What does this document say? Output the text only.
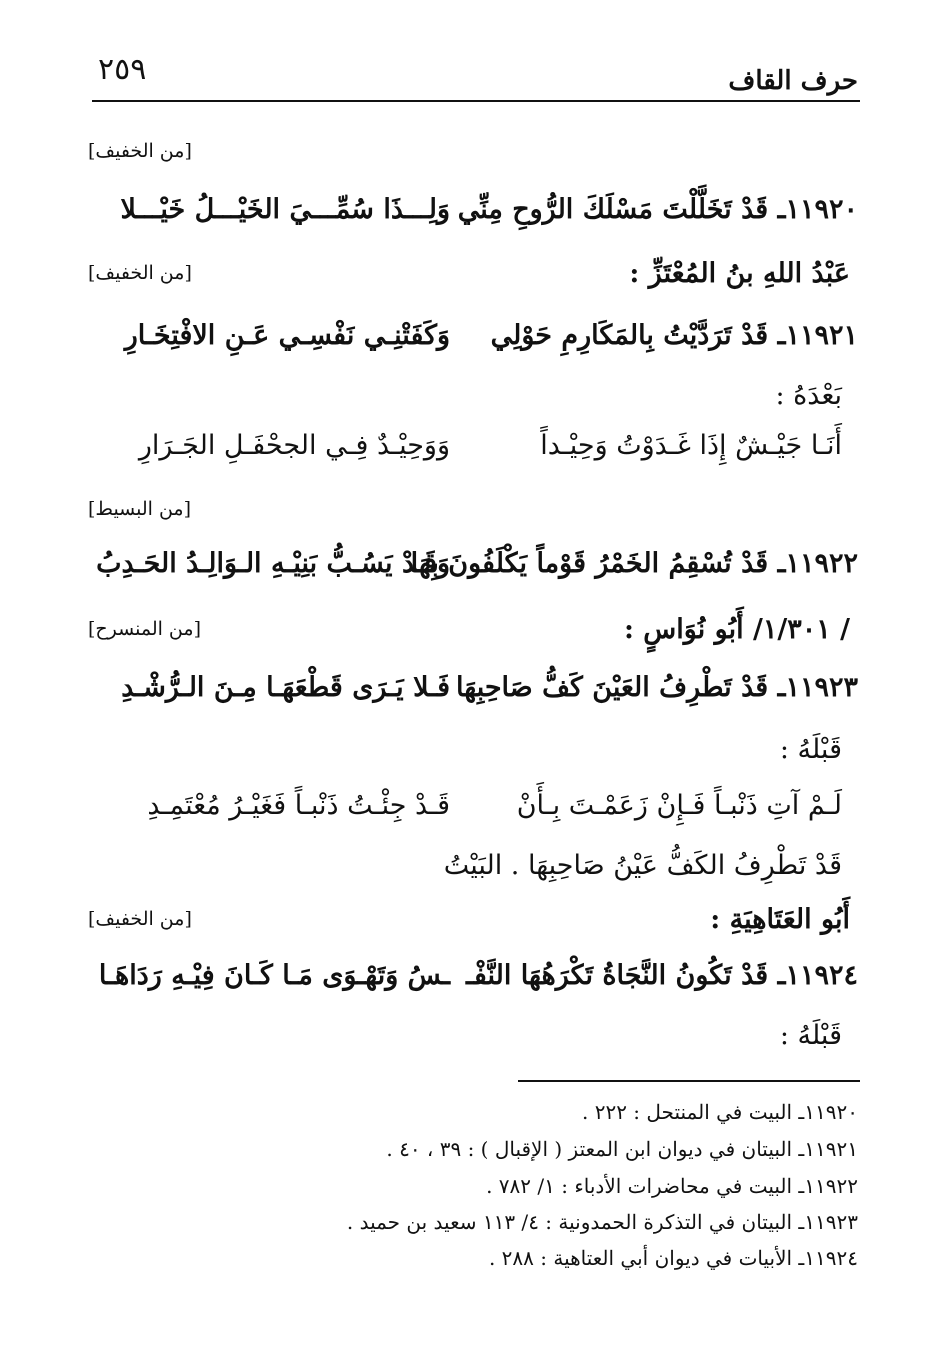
٢٥٩	حرف القاف
[من الخفيف]
١١٩٢٠ـ قَدْ تَخَلَّلْتَ مَسْلَكَ الرُّوحِ مِنِّي
وَلِـــذَا سُمِّـــيَ الخَيْـــلُ خَيْـــلا
عَبْدُ اللهِ بنُ المُعْتَزِّ :
[من الخفيف]
١١٩٢١ـ قَدْ تَرَدَّيْتُ بِالمَكَارِمِ حَوْلِي
وَكَفَتْنِـي نَفْسِـي عَـنِ الافْتِخَـارِ
بَعْدَهُ :
أَنَـا جَيْـشٌ إِذَا غَـدَوْتُ وَحِيْـداً
وَوَحِيْـدٌ فِـي الجحْفَـلِ الجَـرَارِ
[من البسيط]
١١٩٢٢ـ قَدْ تُسْقِمُ الخَمْرُ قَوْماً يَكْلَفُونَ بِهَا
وَقَـدْ يَسُـبُّ بَنِيْـهِ الـوَالِـدُ الحَـدِبُ
/ ١/٣٠١/ أَبُو نُوَاسٍ :
[من المنسرح]
١١٩٢٣ـ قَدْ تَطْرِفُ العَيْنَ كَفُّ صَاحِبِهَا
فَـلا يَـرَى قَطْعَهَـا مِـنَ الـرُّشْـدِ
قَبْلَهُ :
لَـمْ آتِ ذَنْبـاً فَـإِنْ زَعَمْـتَ بِـأَنْ
قَـدْ جِئْـتُ ذَنْبـاً فَغَيْـرُ مُعْتَمِـدِ
قَدْ تَطْرِفُ الكَفُّ عَيْنُ صَاحِبِهَا . البَيْتُ
أَبُو العَتَاهِيَةِ :
[من الخفيف]
١١٩٢٤ـ قَدْ تَكُونُ النَّجَاةُ تَكْرَهُهَا النَّفْـ
ـسُ وَتَهْـوَى مَـا كَـانَ فِيْـهِ رَدَاهَـا
قَبْلَهُ :
١١٩٢٠ـ البيت في المنتحل : ٢٢٢ .
١١٩٢١ـ البيتان في ديوان ابن المعتز ( الإقبال ) : ٣٩ ، ٤٠ .
١١٩٢٢ـ البيت في محاضرات الأدباء : ١/ ٧٨٢ .
١١٩٢٣ـ البيتان في التذكرة الحمدونية : ٤/ ١١٣ سعيد بن حميد .
١١٩٢٤ـ الأبيات في ديوان أبي العتاهية : ٢٨٨ .
